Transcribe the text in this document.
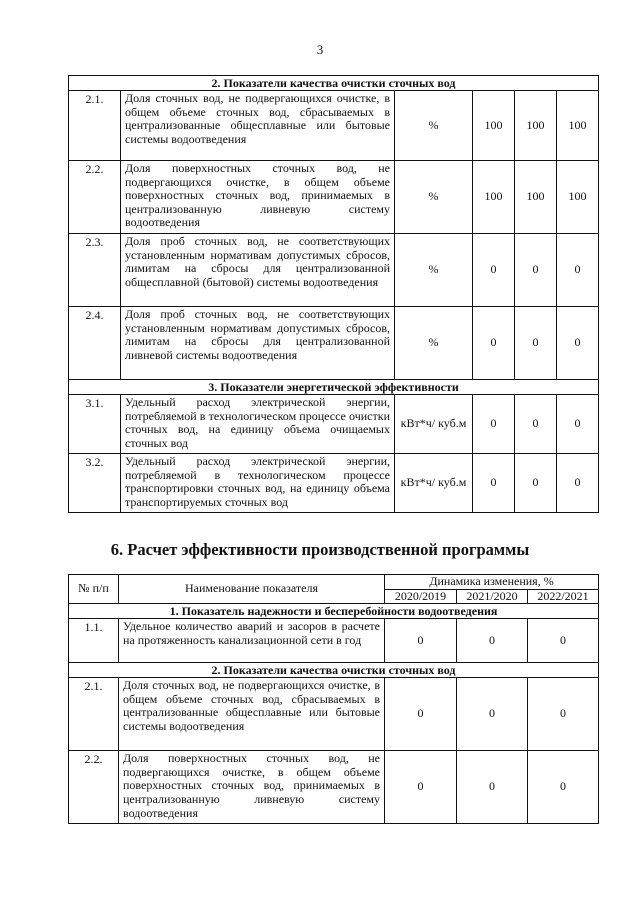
3
2. Показатели качества очистки сточных вод					
2.1.	Доля сточных вод, не подвергающихся очистке, в общем объеме сточных вод, сбрасываемых в централизованные общесплавные или бытовые системы водоотведения	%	100	100	100
2.2.	Доля поверхностных сточных вод, не подвергающихся очистке, в общем объеме поверхностных сточных вод, принимаемых в централизованную ливневую систему водоотведения	%	100	100	100
2.3.	Доля проб сточных вод, не соответствующих установленным нормативам допустимых сбросов, лимитам на сбросы для централизованной общесплавной (бытовой) системы водоотведения	%	0	0	0
2.4.	Доля проб сточных вод, не соответствующих установленным нормативам допустимых сбросов, лимитам на сбросы для централизованной ливневой системы водоотведения	%	0	0	0
3. Показатели энергетической эффективности					
3.1.	Удельный расход электрической энергии, потребляемой в технологическом процессе очистки сточных вод, на единицу объема очищаемых сточных вод	кВт*ч/ куб.м	0	0	0
3.2.	Удельный расход электрической энергии, потребляемой в технологическом процессе транспортировки сточных вод, на единицу объема транспортируемых сточных вод	кВт*ч/ куб.м	0	0	0
6. Расчет эффективности производственной программы
№ п/п	Наименование показателя	Динамика изменения, %		
		2020/2019	2021/2020	2022/2021
1. Показатель надежности и бесперебойности водоотведения				
1.1.	Удельное количество аварий и засоров в расчете на протяженность канализационной сети в год	0	0	0
2. Показатели качества очистки сточных вод				
2.1.	Доля сточных вод, не подвергающихся очистке, в общем объеме сточных вод, сбрасываемых в централизованные общесплавные или бытовые системы водоотведения	0	0	0
2.2.	Доля поверхностных сточных вод, не подвергающихся очистке, в общем объеме поверхностных сточных вод, принимаемых в централизованную ливневую систему водоотведения	0	0	0
